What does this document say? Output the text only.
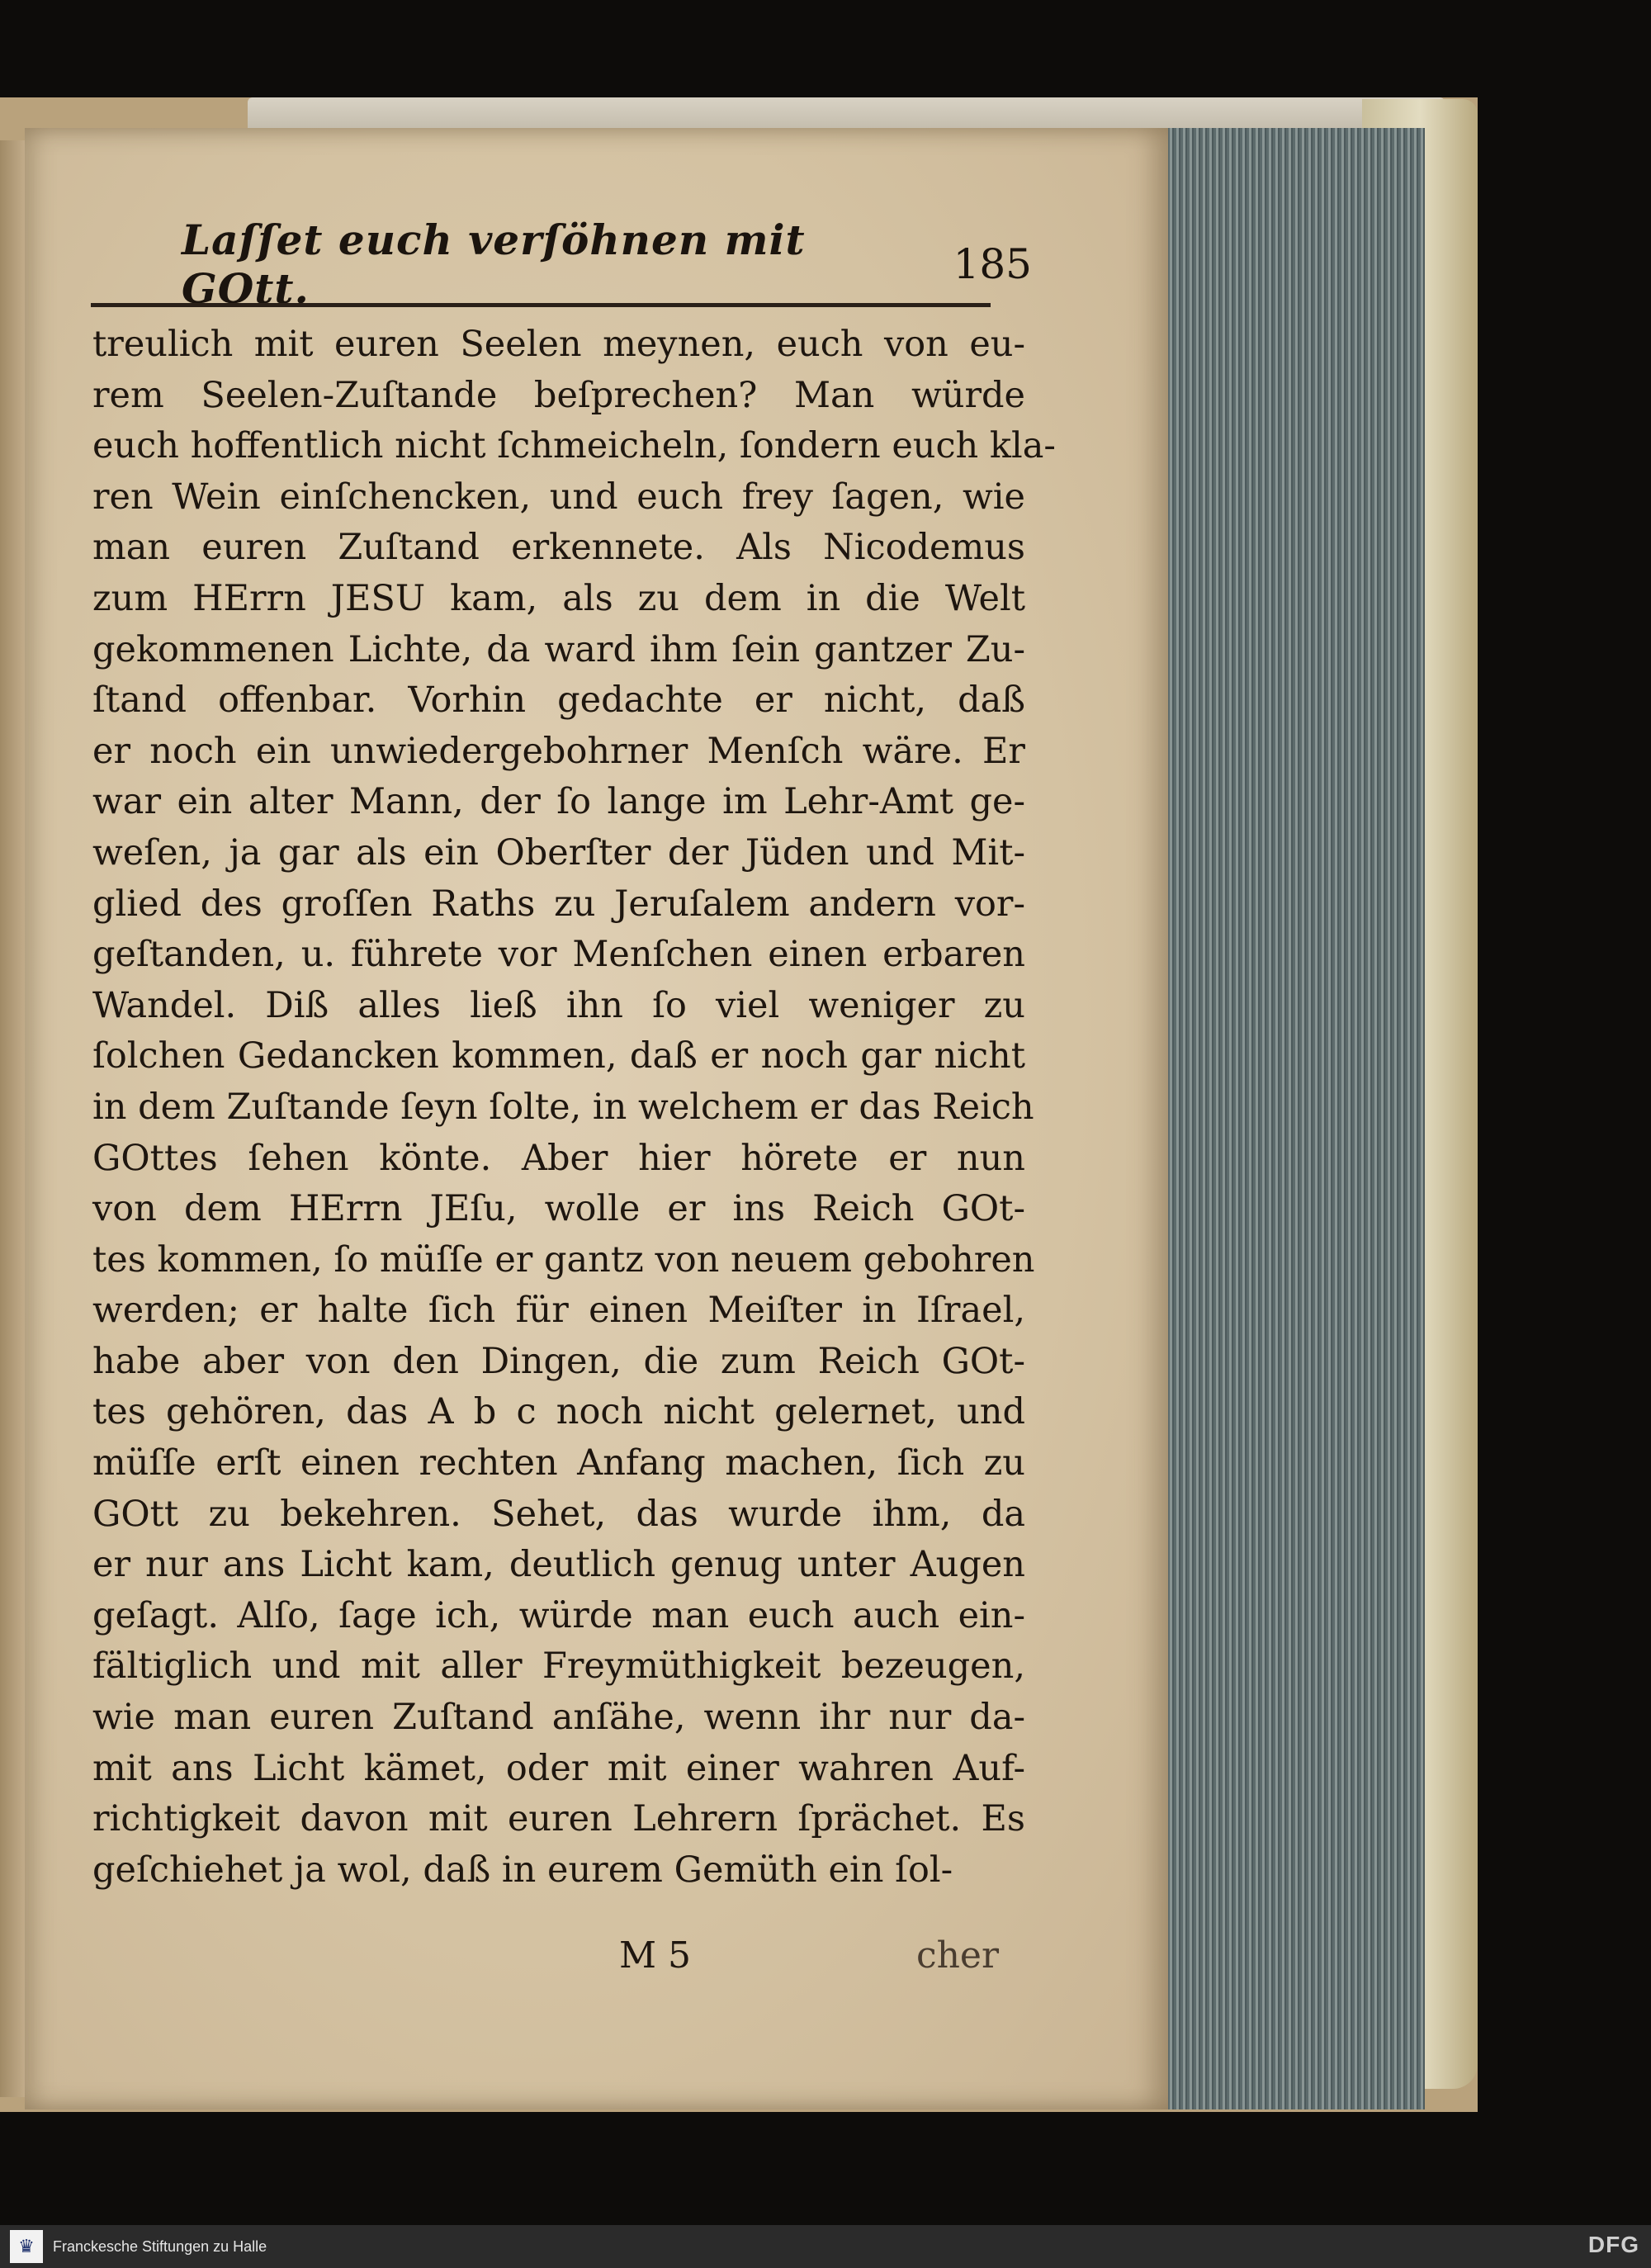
Laſſet euch verſöhnen mit GOtt.	185
treulich mit euren Seelen meynen, euch von eu-
rem Seelen-Zuſtande beſprechen? Man würde
euch hoffentlich nicht ſchmeicheln, ſondern euch kla-
ren Wein einſchencken, und euch frey ſagen, wie
man euren Zuſtand erkennete. Als Nicodemus
zum HErrn JESU kam, als zu dem in die Welt
gekommenen Lichte, da ward ihm ſein gantzer Zu-
ſtand offenbar. Vorhin gedachte er nicht, daß
er noch ein unwiedergebohrner Menſch wäre. Er
war ein alter Mann, der ſo lange im Lehr-Amt ge-
weſen, ja gar als ein Oberſter der Jüden und Mit-
glied des groſſen Raths zu Jeruſalem andern vor-
geſtanden, u. führete vor Menſchen einen erbaren
Wandel. Diß alles ließ ihn ſo viel weniger zu
ſolchen Gedancken kommen, daß er noch gar nicht
in dem Zuſtande ſeyn ſolte, in welchem er das Reich
GOttes ſehen könte. Aber hier hörete er nun
von dem HErrn JEſu, wolle er ins Reich GOt-
tes kommen, ſo müſſe er gantz von neuem gebohren
werden; er halte ſich für einen Meiſter in Iſrael,
habe aber von den Dingen, die zum Reich GOt-
tes gehören, das A b c noch nicht gelernet, und
müſſe erſt einen rechten Anfang machen, ſich zu
GOtt zu bekehren. Sehet, das wurde ihm, da
er nur ans Licht kam, deutlich genug unter Augen
geſagt. Alſo, ſage ich, würde man euch auch ein-
fältiglich und mit aller Freymüthigkeit bezeugen,
wie man euren Zuſtand anſähe, wenn ihr nur da-
mit ans Licht kämet, oder mit einer wahren Auf-
richtigkeit davon mit euren Lehrern ſprächet. Es
geſchiehet ja wol, daß in eurem Gemüth ein ſol-
M 5	cher
♛	Franckesche Stiftungen zu Halle	DFG
